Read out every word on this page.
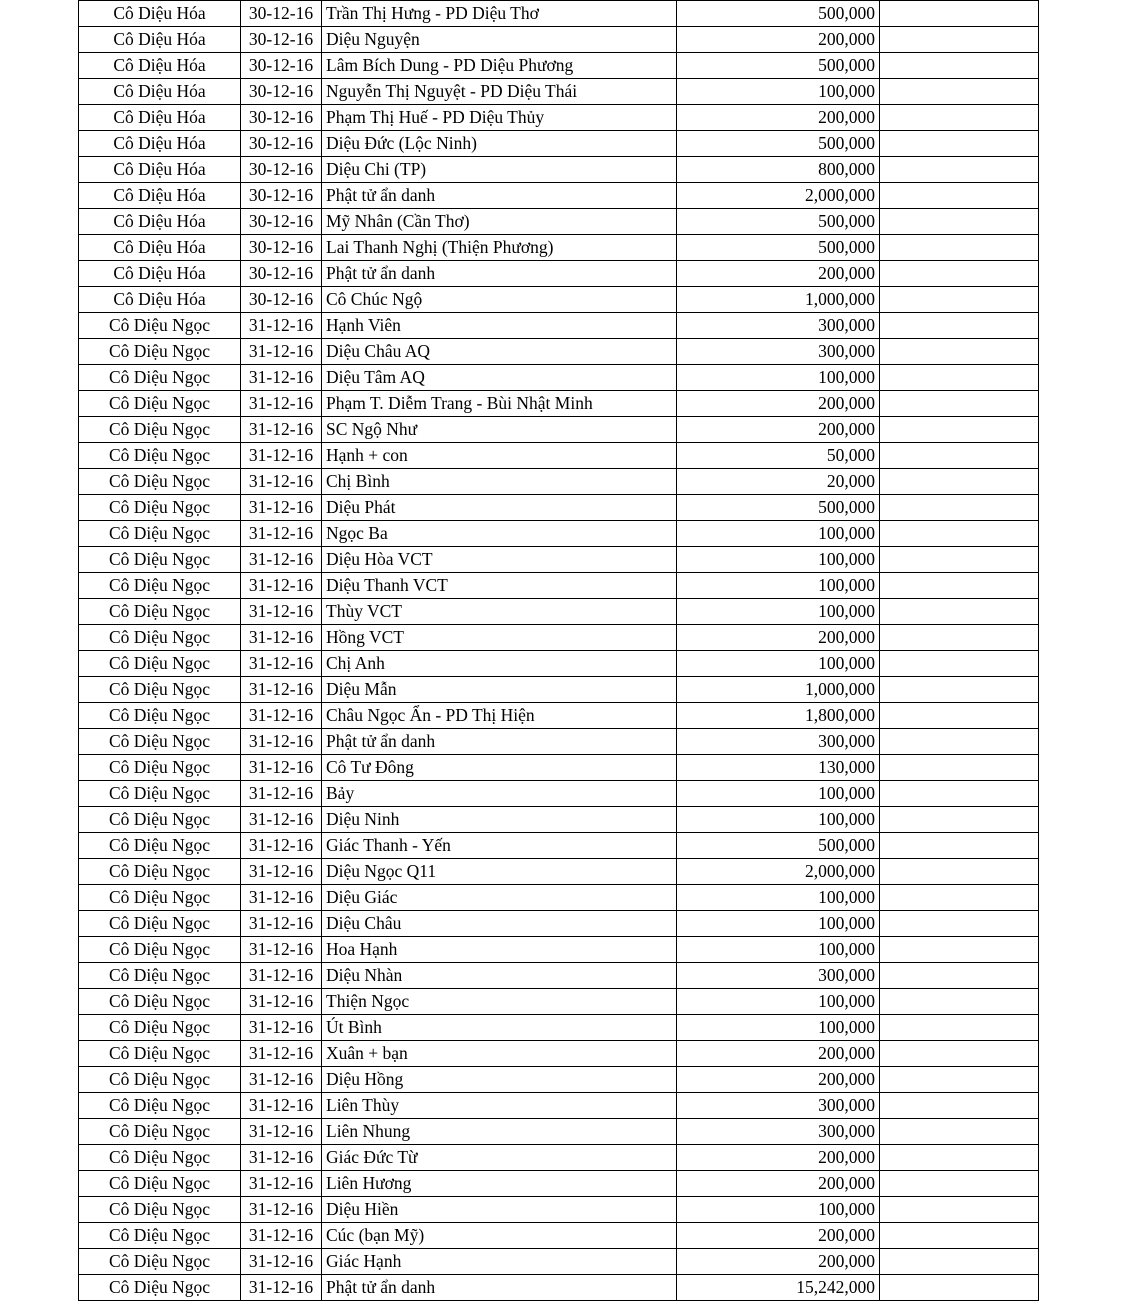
Cô Diệu Hóa	30-12-16	Trần Thị Hưng - PD Diệu Thơ	500,000	
Cô Diệu Hóa	30-12-16	Diệu Nguyện	200,000	
Cô Diệu Hóa	30-12-16	Lâm Bích Dung - PD Diệu Phương	500,000	
Cô Diệu Hóa	30-12-16	Nguyễn Thị Nguyệt - PD Diệu Thái	100,000	
Cô Diệu Hóa	30-12-16	Phạm Thị Huế - PD Diệu Thủy	200,000	
Cô Diệu Hóa	30-12-16	Diệu Đức (Lộc Ninh)	500,000	
Cô Diệu Hóa	30-12-16	Diệu Chi (TP)	800,000	
Cô Diệu Hóa	30-12-16	Phật tử ẩn danh	2,000,000	
Cô Diệu Hóa	30-12-16	Mỹ Nhân (Cần Thơ)	500,000	
Cô Diệu Hóa	30-12-16	Lai Thanh Nghị (Thiện Phương)	500,000	
Cô Diệu Hóa	30-12-16	Phật tử ẩn danh	200,000	
Cô Diệu Hóa	30-12-16	Cô Chúc Ngộ	1,000,000	
Cô Diệu Ngọc	31-12-16	Hạnh Viên	300,000	
Cô Diệu Ngọc	31-12-16	Diệu Châu AQ	300,000	
Cô Diệu Ngọc	31-12-16	Diệu Tâm AQ	100,000	
Cô Diệu Ngọc	31-12-16	Phạm T. Diễm Trang - Bùi Nhật Minh	200,000	
Cô Diệu Ngọc	31-12-16	SC Ngộ Như	200,000	
Cô Diệu Ngọc	31-12-16	Hạnh + con	50,000	
Cô Diệu Ngọc	31-12-16	Chị Bình	20,000	
Cô Diệu Ngọc	31-12-16	Diệu Phát	500,000	
Cô Diệu Ngọc	31-12-16	Ngọc Ba	100,000	
Cô Diệu Ngọc	31-12-16	Diệu Hòa VCT	100,000	
Cô Diệu Ngọc	31-12-16	Diệu Thanh VCT	100,000	
Cô Diệu Ngọc	31-12-16	Thùy VCT	100,000	
Cô Diệu Ngọc	31-12-16	Hồng VCT	200,000	
Cô Diệu Ngọc	31-12-16	Chị Anh	100,000	
Cô Diệu Ngọc	31-12-16	Diệu Mẫn	1,000,000	
Cô Diệu Ngọc	31-12-16	Châu Ngọc Ẩn - PD Thị Hiện	1,800,000	
Cô Diệu Ngọc	31-12-16	Phật tử ẩn danh	300,000	
Cô Diệu Ngọc	31-12-16	Cô Tư Đông	130,000	
Cô Diệu Ngọc	31-12-16	Bảy	100,000	
Cô Diệu Ngọc	31-12-16	Diệu Ninh	100,000	
Cô Diệu Ngọc	31-12-16	Giác Thanh - Yến	500,000	
Cô Diệu Ngọc	31-12-16	Diệu Ngọc Q11	2,000,000	
Cô Diệu Ngọc	31-12-16	Diệu Giác	100,000	
Cô Diệu Ngọc	31-12-16	Diệu Châu	100,000	
Cô Diệu Ngọc	31-12-16	Hoa Hạnh	100,000	
Cô Diệu Ngọc	31-12-16	Diệu Nhàn	300,000	
Cô Diệu Ngọc	31-12-16	Thiện Ngọc	100,000	
Cô Diệu Ngọc	31-12-16	Út Bình	100,000	
Cô Diệu Ngọc	31-12-16	Xuân + bạn	200,000	
Cô Diệu Ngọc	31-12-16	Diệu Hồng	200,000	
Cô Diệu Ngọc	31-12-16	Liên Thùy	300,000	
Cô Diệu Ngọc	31-12-16	Liên Nhung	300,000	
Cô Diệu Ngọc	31-12-16	Giác Đức Từ	200,000	
Cô Diệu Ngọc	31-12-16	Liên Hương	200,000	
Cô Diệu Ngọc	31-12-16	Diệu Hiền	100,000	
Cô Diệu Ngọc	31-12-16	Cúc (bạn Mỹ)	200,000	
Cô Diệu Ngọc	31-12-16	Giác Hạnh	200,000	
Cô Diệu Ngọc	31-12-16	Phật tử ẩn danh	15,242,000	
